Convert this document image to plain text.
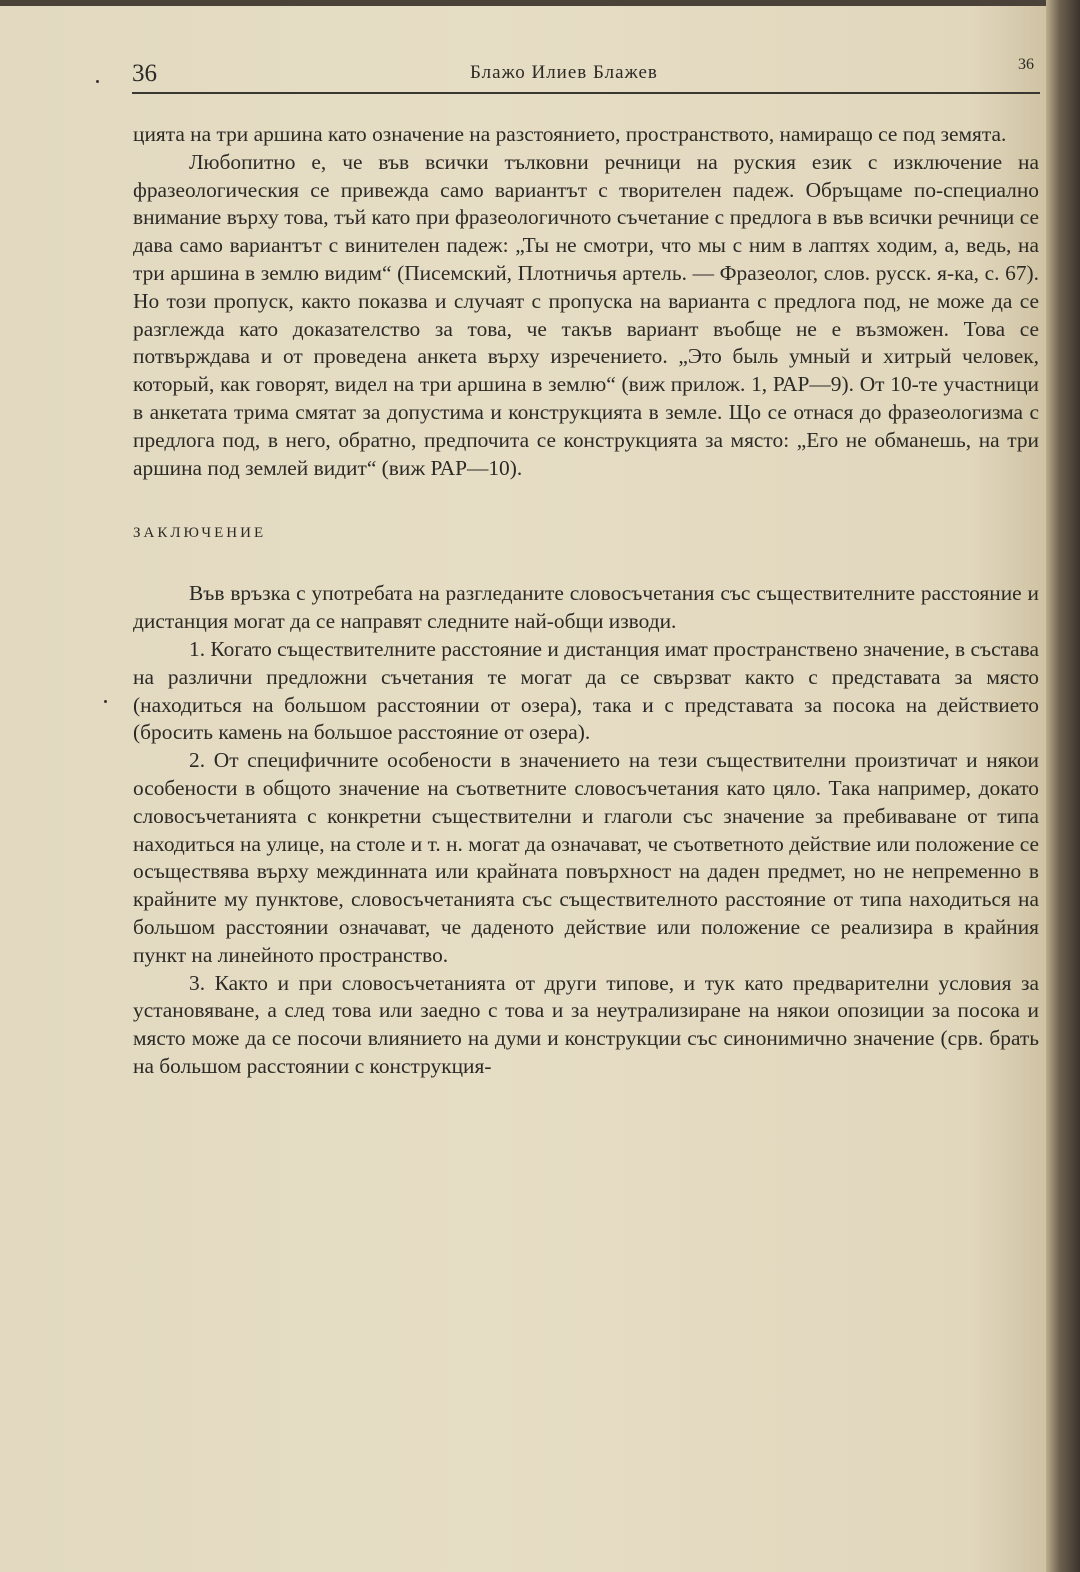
36	Блажо Илиев Блажев	36

цията на три аршина като означение на разстоянието, пространството, намиращо се под земята.

Любопитно е, че във всички тълковни речници на руския език с изключение на фразеологическия се привежда само вариантът с творителен падеж. Обръщаме по-специално внимание върху това, тъй като при фразеологичното съчетание с предлога в във всички речници се дава само вариантът с винителен падеж: „Ты не смотри, что мы с ним в лаптях ходим, а, ведь, на три аршина в землю видим“ (Писемский, Плотничья артель. — Фразеолог, слов. русск. я-ка, с. 67). Но този пропуск, както показва и случаят с пропуска на варианта с предлога под, не може да се разглежда като доказателство за това, че такъв вариант въобще не е възможен. Това се потвърждава и от проведена анкета върху изречението. „Это быль умный и хитрый человек, который, как говорят, видел на три аршина в землю“ (виж прилож. 1, РАР—9). От 10-те участници в анкетата трима смятат за допустима и конструкцията в земле. Що се отнася до фразеологизма с предлога под, в него, обратно, предпочита се конструкцията за място: „Его не обманешь, на три аршина под землей видит“ (виж РАР—10).

ЗАКЛЮЧЕНИЕ

Във връзка с употребата на разгледаните словосъчетания със съществителните расстояние и дистанция могат да се направят следните най-общи изводи.

1. Когато съществителните расстояние и дистанция имат пространствено значение, в състава на различни предложни съчетания те могат да се свързват както с представата за място (находиться на большом расстоянии от озера), така и с представата за посока на действието (бросить камень на большое расстояние от озера).

2. От специфичните особености в значението на тези съществителни произтичат и някои особености в общото значение на съответните словосъчетания като цяло. Така например, докато словосъчетанията с конкретни съществителни и глаголи със значение за пребиваване от типа находиться на улице, на столе и т. н. могат да означават, че съответното действие или положение се осъществява върху междинната или крайната повърхност на даден предмет, но не непременно в крайните му пунктове, словосъчетанията със съществителното расстояние от типа находиться на большом расстоянии означават, че даденото действие или положение се реализира в крайния пункт на линейното пространство.

3. Както и при словосъчетанията от други типове, и тук като предварителни условия за установяване, а след това или заедно с това и за неутрализиране на някои опозиции за посока и място може да се посочи влиянието на думи и конструкции със синонимично значение (срв. брать на большом расстоянии с конструкция-
